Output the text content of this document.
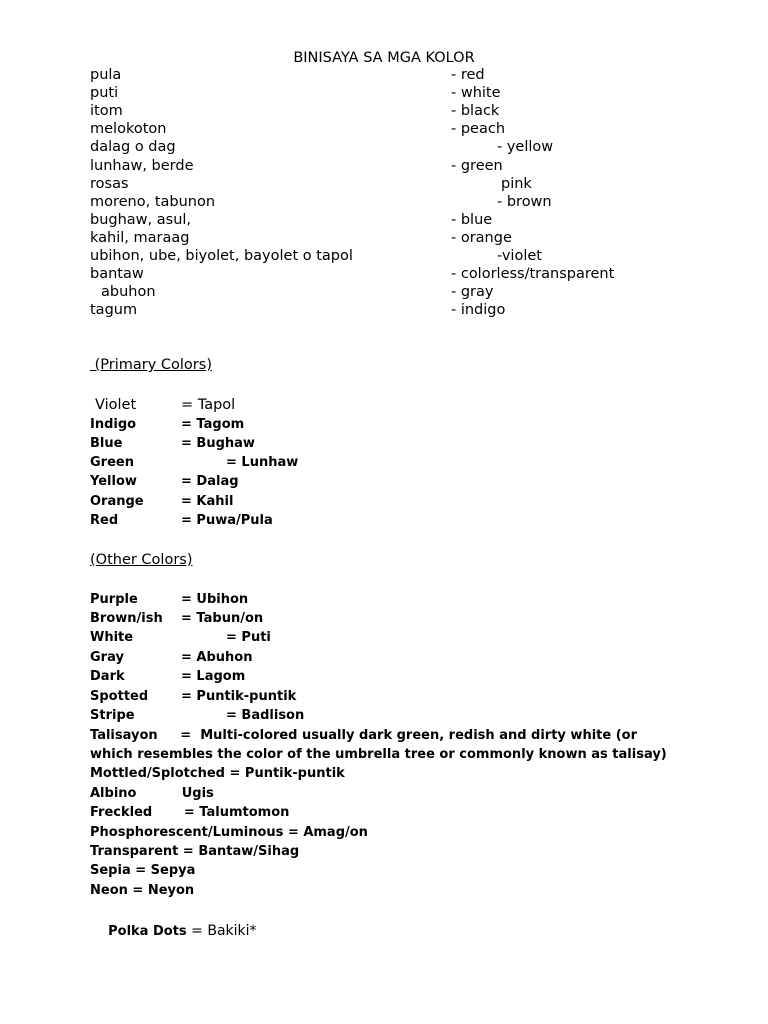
BINISAYA SA MGA KOLOR
pula	- red
puti	- white
itom	- black
melokoton	- peach
dalag o dag	- yellow
lunhaw, berde	- green
rosas	pink
moreno, tabunon	- brown
bughaw, asul,	- blue
kahil, maraag	- orange
ubihon, ube, biyolet, bayolet o tapol	-violet
bantaw	- colorless/transparent
abuhon	- gray
tagum	- indigo
(Primary Colors)
Violet	= Tapol
Indigo	= Tagom
Blue	= Bughaw
Green	= Lunhaw
Yellow	= Dalag
Orange	= Kahil
Red	= Puwa/Pula
(Other Colors)
Purple	= Ubihon
Brown/ish = Tabun/on
White	= Puti
Gray	= Abuhon
Dark	= Lagom
Spotted	= Puntik-puntik
Stripe	= Badlison
Talisayon     =  Multi-colored usually dark green, redish and dirty white (or
which resembles the color of the umbrella tree or commonly known as talisay)
Mottled/Splotched = Puntik-puntik
Albino          Ugis
Freckled       = Talumtomon
Phosphorescent/Luminous = Amag/on
Transparent = Bantaw/Sihag
Sepia = Sepya
Neon = Neyon

Polka Dots = Bakiki*
